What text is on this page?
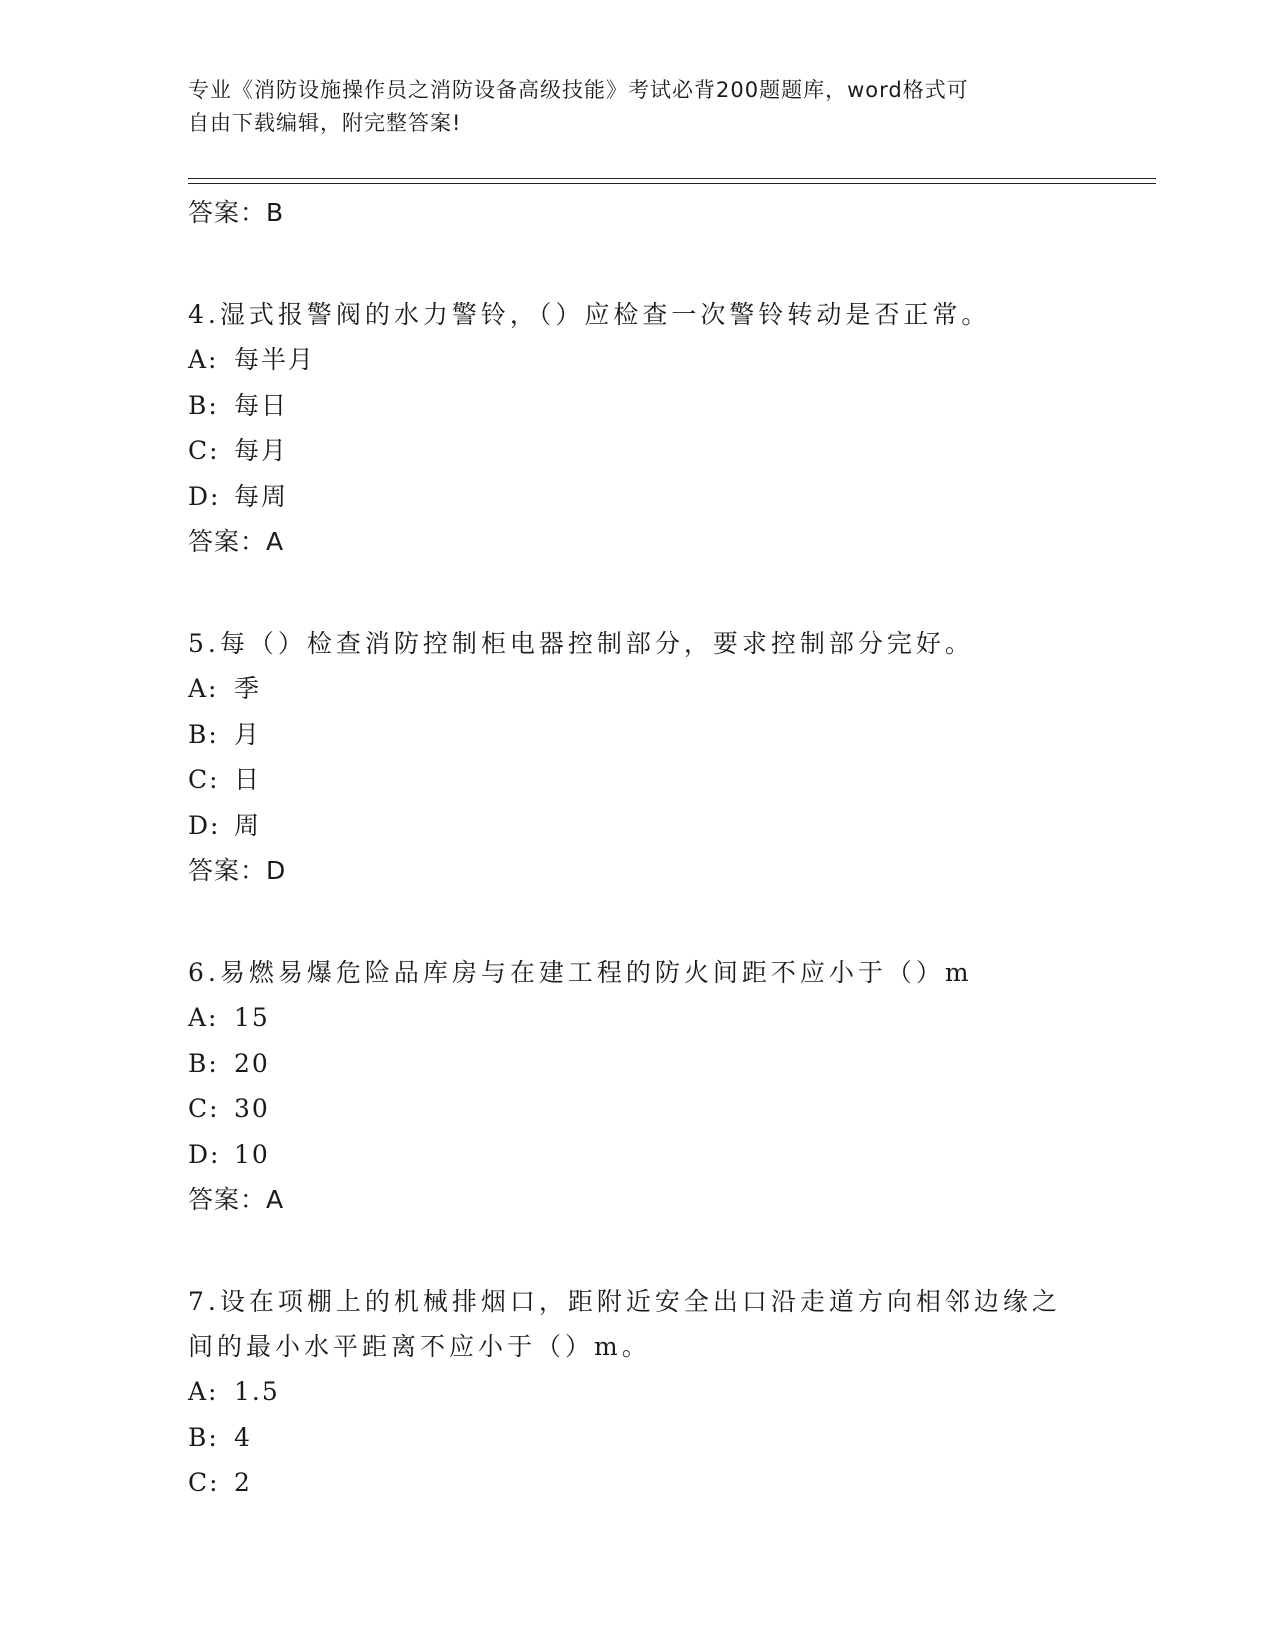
专业《消防设施操作员之消防设备高级技能》考试必背200题题库，word格式可
自由下载编辑，附完整答案!
答案：B
4.湿式报警阀的水力警铃，（）应检查一次警铃转动是否正常。
A: 每半月
B: 每日
C: 每月
D: 每周
答案：A
5.每（）检查消防控制柜电器控制部分，要求控制部分完好。
A: 季
B: 月
C: 日
D: 周
答案：D
6.易燃易爆危险品库房与在建工程的防火间距不应小于（）m
A: 15
B: 20
C: 30
D: 10
答案：A
7.设在项棚上的机械排烟口，距附近安全出口沿走道方向相邻边缘之间的最小水平距离不应小于（）m。
A: 1.5
B: 4
C: 2
